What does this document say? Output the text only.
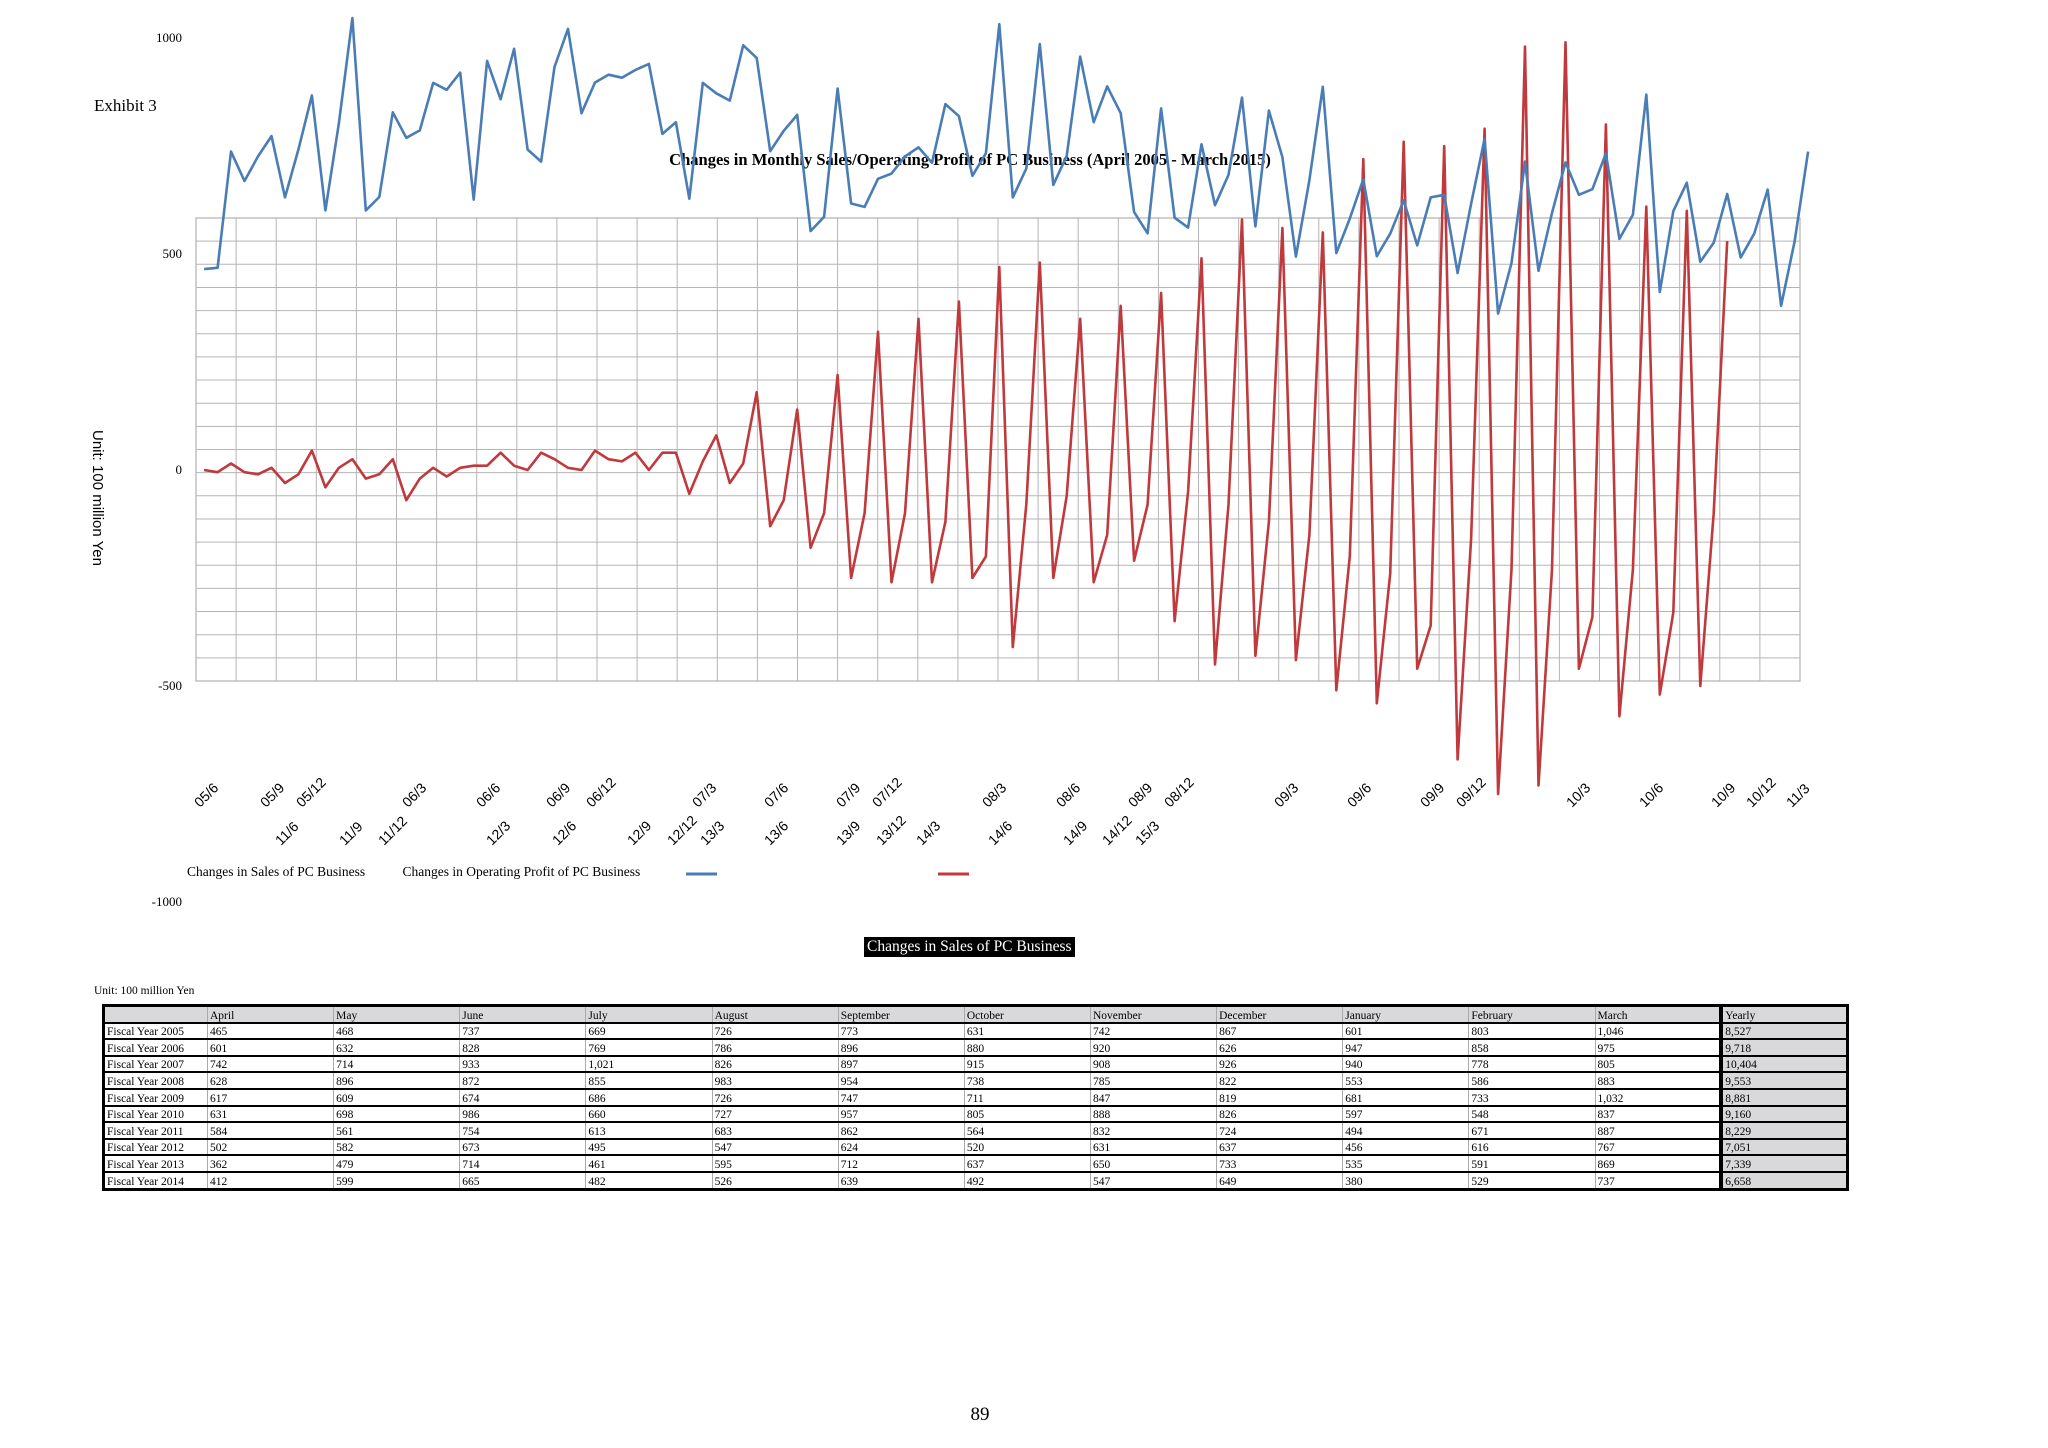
Exhibit 3
Changes in Monthly Sales/Operating Profit of PC Business (April 2005 - March 2015)
1000
500
0
-500
-1000
05/6	05/9 05/12	06/3	06/6	06/9 06/12	07/3	07/6	07/9 07/12	08/3	08/6	08/9 08/12	09/3	09/6	09/9 09/12	10/3	10/6	10/9 10/12 11/3
11/6 11/9 11/12	12/3	12/6	12/9 12/12
13/3 13/6	13/9 13/12 14/3	14/6	14/9 14/12
15/3
Unit: 100 million Yen
Changes in Sales of PC Business	Changes in Operating Profit of PC Business
Changes in Sales of PC Business
Unit: 100 million Yen
	April	May	June	July	August	September	October	November	December	January	February	March	Yearly
Fiscal Year 2005	465	468	737	669	726	773	631	742	867	601	803	1,046	8,527
Fiscal Year 2006	601	632	828	769	786	896	880	920	626	947	858	975	9,718
Fiscal Year 2007	742	714	933	1,021	826	897	915	908	926	940	778	805	10,404
Fiscal Year 2008	628	896	872	855	983	954	738	785	822	553	586	883	9,553
Fiscal Year 2009	617	609	674	686	726	747	711	847	819	681	733	1,032	8,881
Fiscal Year 2010	631	698	986	660	727	957	805	888	826	597	548	837	9,160
Fiscal Year 2011	584	561	754	613	683	862	564	832	724	494	671	887	8,229
Fiscal Year 2012	502	582	673	495	547	624	520	631	637	456	616	767	7,051
Fiscal Year 2013	362	479	714	461	595	712	637	650	733	535	591	869	7,339
Fiscal Year 2014	412	599	665	482	526	639	492	547	649	380	529	737	6,658
89
